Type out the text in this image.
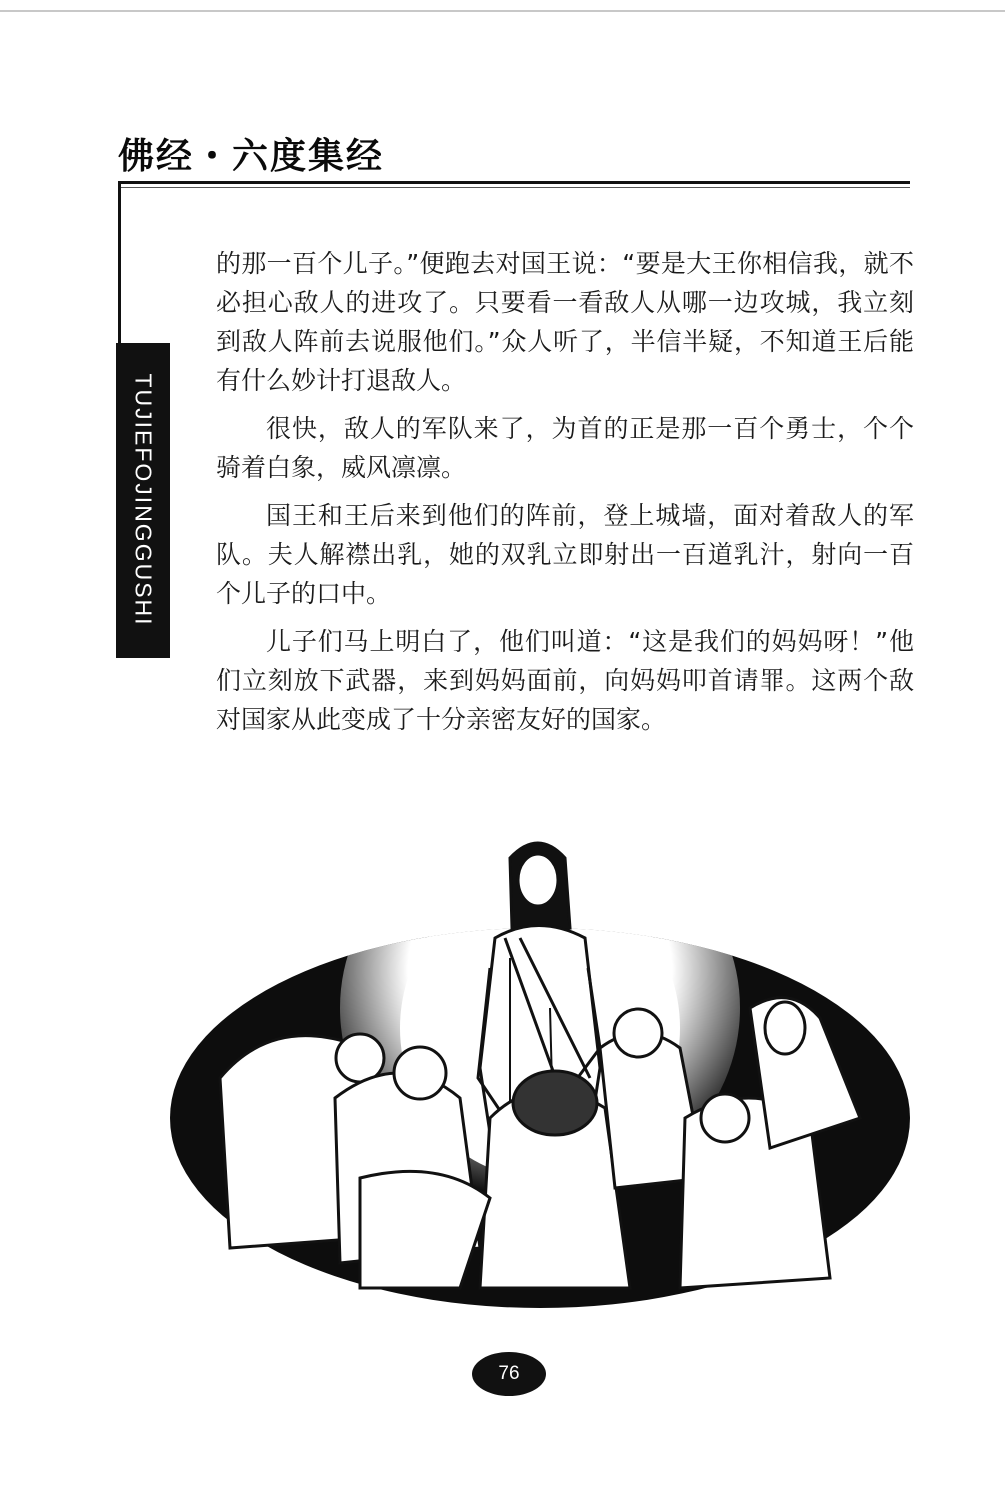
佛经・六度集经
TUJIEFOJINGGUSHI

的那一百个儿子。”便跑去对国王说：“要是大王你相信我，就不必担心敌人的进攻了。只要看一看敌人从哪一边攻城，我立刻到敌人阵前去说服他们。”众人听了，半信半疑，不知道王后能有什么妙计打退敌人。

很快，敌人的军队来了，为首的正是那一百个勇士，个个骑着白象，威风凛凛。

国王和王后来到他们的阵前，登上城墙，面对着敌人的军队。夫人解襟出乳，她的双乳立即射出一百道乳汁，射向一百个儿子的口中。

儿子们马上明白了，他们叫道：“这是我们的妈妈呀！”他们立刻放下武器，来到妈妈面前，向妈妈叩首请罪。这两个敌对国家从此变成了十分亲密友好的国家。

76
